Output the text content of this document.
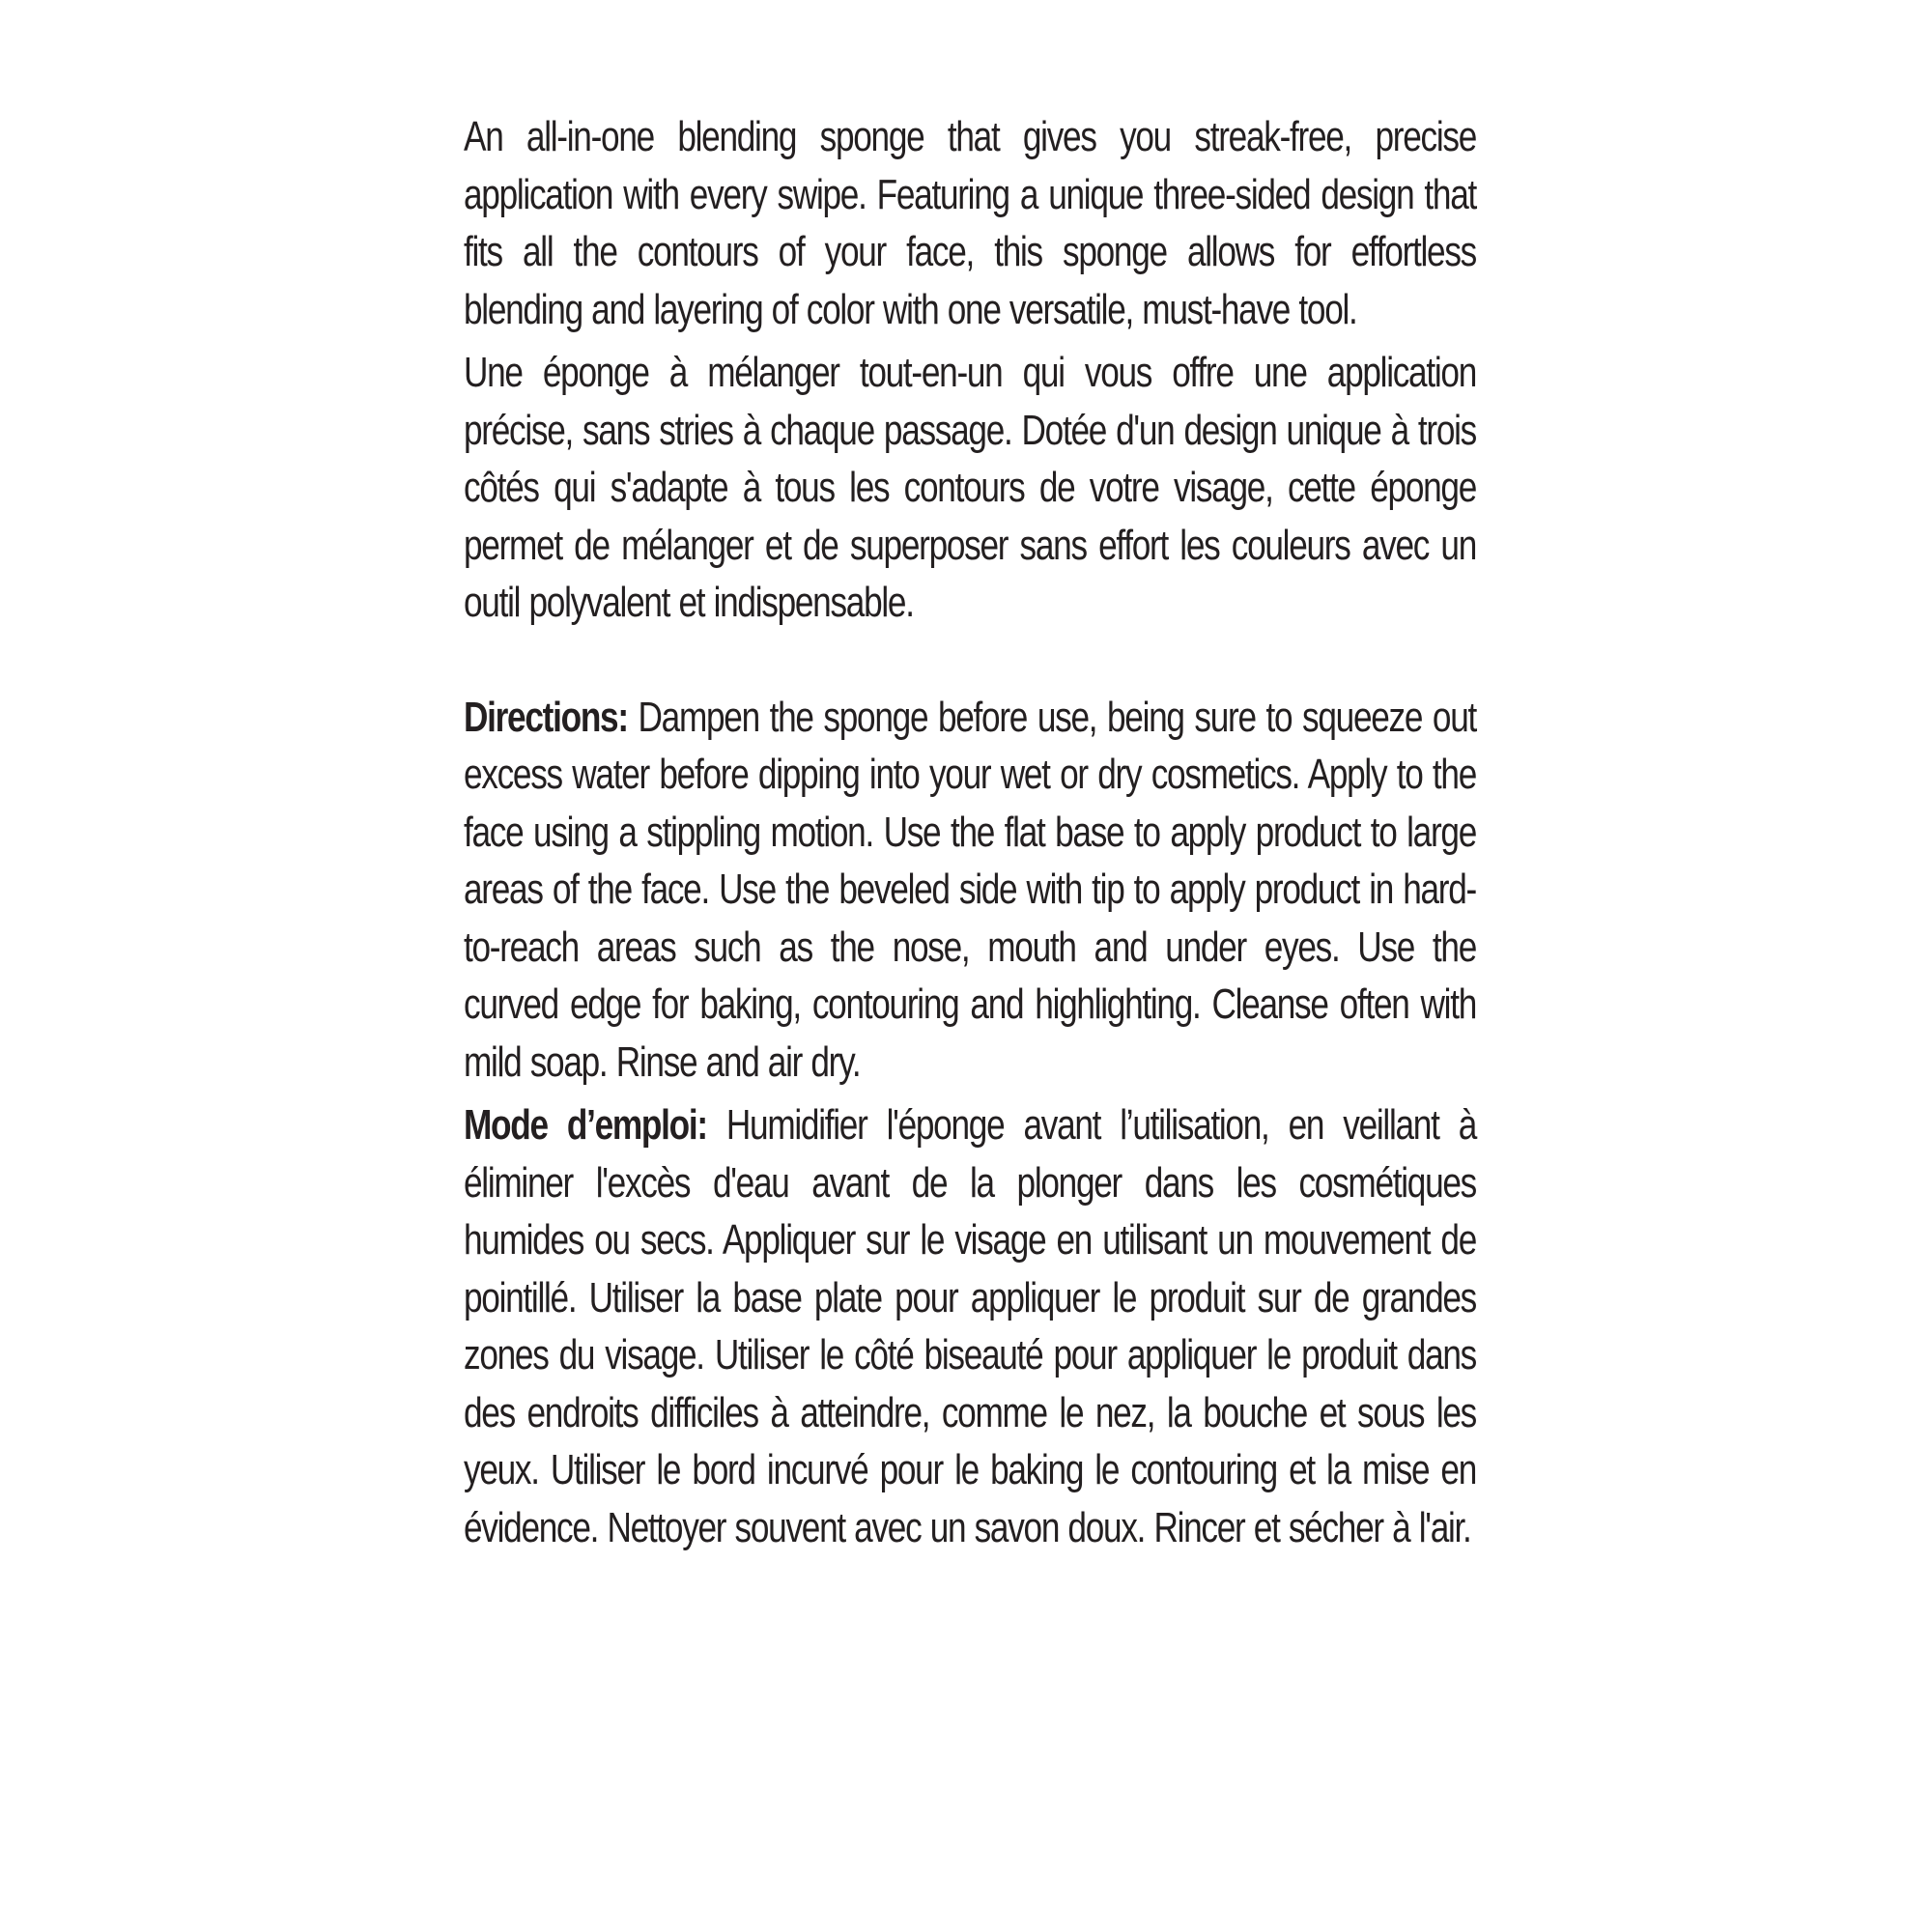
An all-in-one blending sponge that gives you streak-free, precise application with every swipe. Featuring a unique three-sided design that fits all the contours of your face, this sponge allows for effortless blending and layering of color with one versatile, must-have tool.

Une éponge à mélanger tout-en-un qui vous offre une application précise, sans stries à chaque passage. Dotée d'un design unique à trois côtés qui s'adapte à tous les contours de votre visage, cette éponge permet de mélanger et de superposer sans effort les couleurs avec un outil polyvalent et indispensable.

Directions: Dampen the sponge before use, being sure to squeeze out excess water before dipping into your wet or dry cosmetics. Apply to the face using a stippling motion. Use the flat base to apply product to large areas of the face. Use the beveled side with tip to apply product in hard-to-reach areas such as the nose, mouth and under eyes. Use the curved edge for baking, contouring and highlighting. Cleanse often with mild soap. Rinse and air dry.

Mode d’emploi: Humidifier l'éponge avant l’utilisation, en veillant à éliminer l'excès d'eau avant de la plonger dans les cosmétiques humides ou secs. Appliquer sur le visage en utilisant un mouvement de pointillé. Utiliser la base plate pour appliquer le produit sur de grandes zones du visage. Utiliser le côté biseauté pour appliquer le produit dans des endroits difficiles à atteindre, comme le nez, la bouche et sous les yeux. Utiliser le bord incurvé pour le baking le contouring et la mise en évidence. Nettoyer souvent avec un savon doux. Rincer et sécher à l'air.
